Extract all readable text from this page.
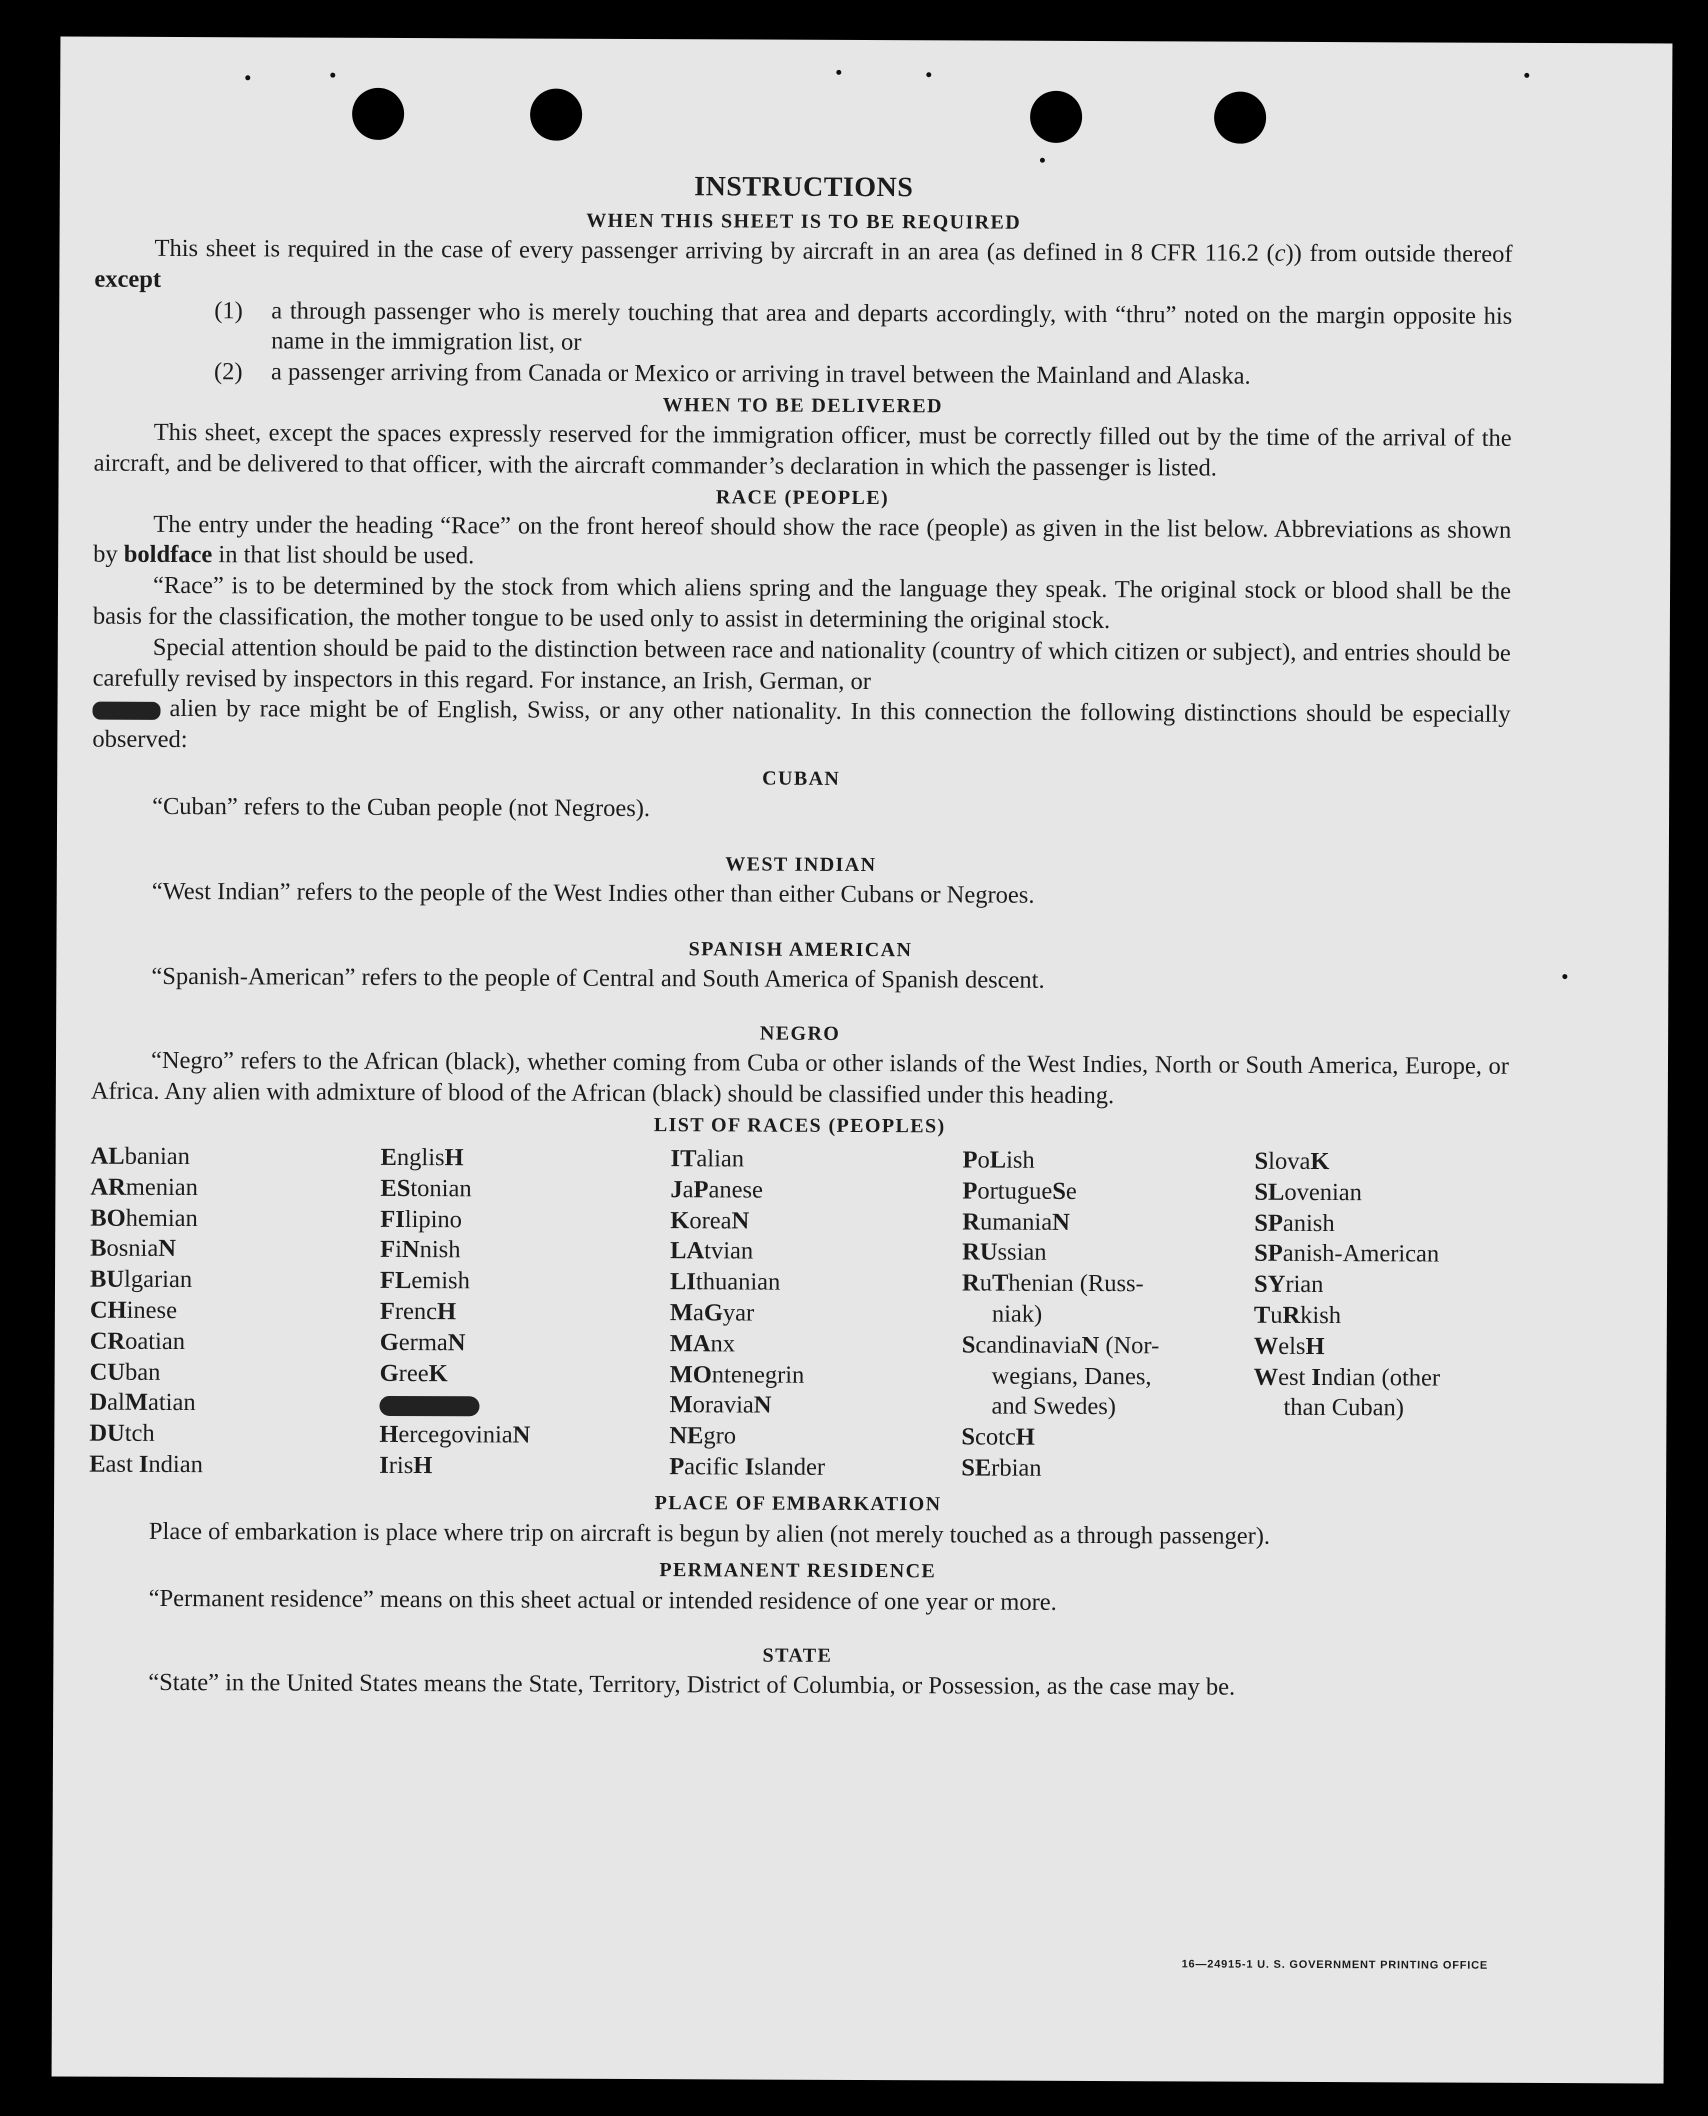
INSTRUCTIONS
WHEN THIS SHEET IS TO BE REQUIRED
This sheet is required in the case of every passenger arriving by aircraft in an area (as defined in 8 CFR 116.2 (c)) from outside thereof except
(1)	a through passenger who is merely touching that area and departs accordingly, with “thru” noted on the margin opposite his name in the immigration list, or
(2)	a passenger arriving from Canada or Mexico or arriving in travel between the Mainland and Alaska.
WHEN TO BE DELIVERED
This sheet, except the spaces expressly reserved for the immigration officer, must be correctly filled out by the time of the arrival of the aircraft, and be delivered to that officer, with the aircraft commander’s declaration in which the passenger is listed.
RACE (PEOPLE)
The entry under the heading “Race” on the front hereof should show the race (people) as given in the list below. Abbreviations as shown by boldface in that list should be used.
“Race” is to be determined by the stock from which aliens spring and the language they speak. The original stock or blood shall be the basis for the classification, the mother tongue to be used only to assist in determining the original stock.
Special attention should be paid to the distinction between race and nationality (country of which citizen or subject), and entries should be carefully revised by inspectors in this regard. For instance, an Irish, German, or
alien by race might be of English, Swiss, or any other nationality. In this connection the following distinctions should be especially observed:
CUBAN
“Cuban” refers to the Cuban people (not Negroes).
WEST INDIAN
“West Indian” refers to the people of the West Indies other than either Cubans or Negroes.
SPANISH AMERICAN
“Spanish-American” refers to the people of Central and South America of Spanish descent.
NEGRO
“Negro” refers to the African (black), whether coming from Cuba or other islands of the West Indies, North or South America, Europe, or Africa. Any alien with admixture of blood of the African (black) should be classified under this heading.
LIST OF RACES (PEOPLES)
ALbanian
ARmenian
BOhemian
BosniaN
BUlgarian
CHinese
CRoatian
CUban
DalMatian
DUtch
East Indian
EnglisH
EStonian
FIlipino
FiNnish
FLemish
FrencH
GermaN
GreeK
HercegoviniaN
IrisH
ITalian
JaPanese
KoreaN
LAtvian
LIthuanian
MaGyar
MAnx
MOntenegrin
MoraviaN
NEgro
Pacific Islander
PoLish
PortugueSe
RumaniaN
RUssian
RuThenian (Russ-
niak)
ScandinaviaN (Nor-
wegians, Danes,
and Swedes)
ScotcH
SErbian
SlovaK
SLovenian
SPanish
SPanish-American
SYrian
TuRkish
WelsH
West Indian (other
than Cuban)
PLACE OF EMBARKATION
Place of embarkation is place where trip on aircraft is begun by alien (not merely touched as a through passenger).
PERMANENT RESIDENCE
“Permanent residence” means on this sheet actual or intended residence of one year or more.
STATE
“State” in the United States means the State, Territory, District of Columbia, or Possession, as the case may be.
16—24915-1 U. S. GOVERNMENT PRINTING OFFICE
